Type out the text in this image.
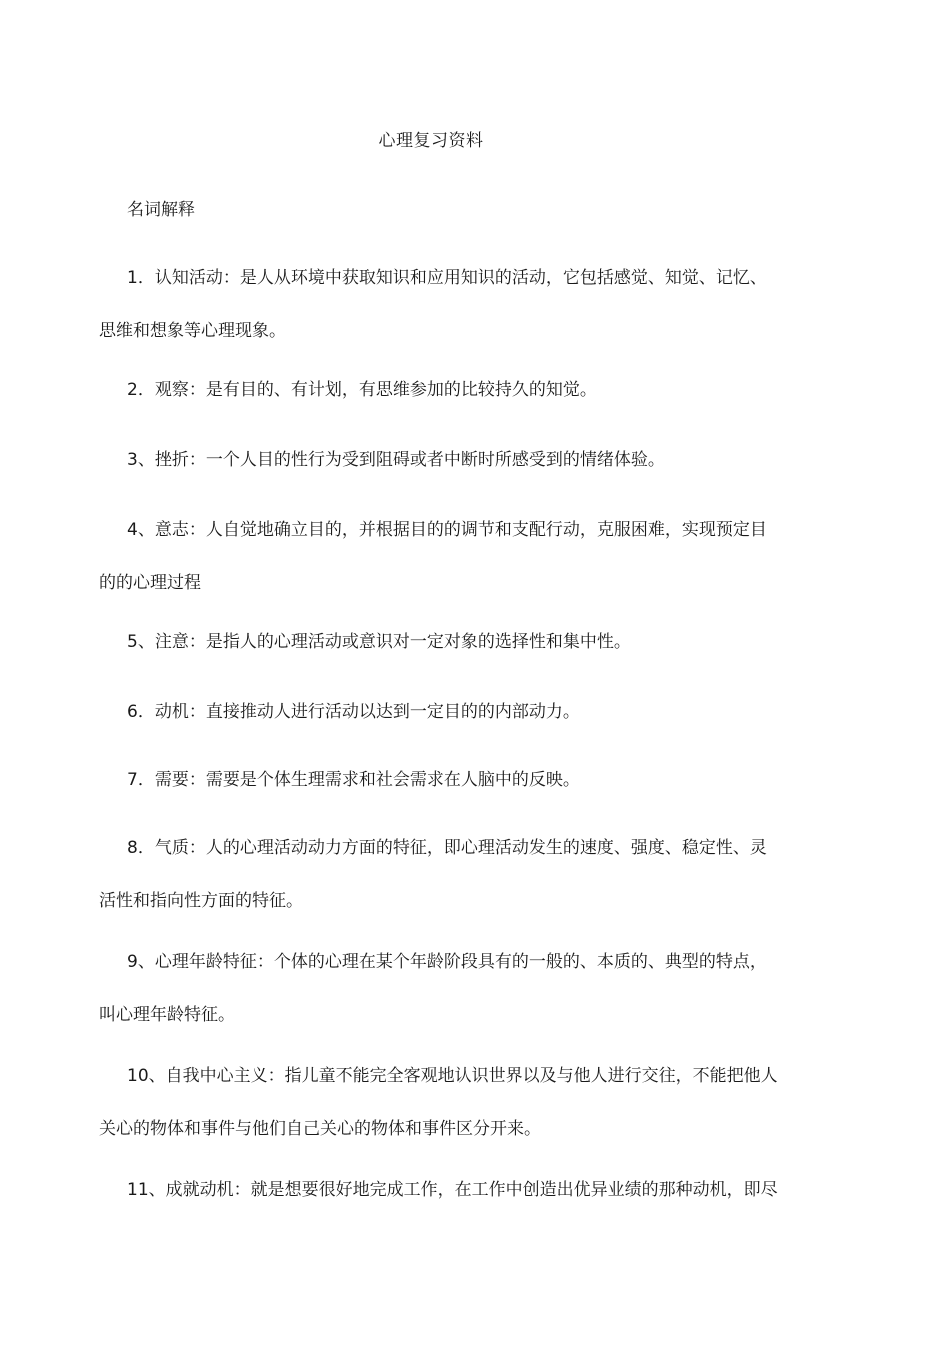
心理复习资料
名词解释
1．认知活动：是人从环境中获取知识和应用知识的活动，它包括感觉、知觉、记忆、
思维和想象等心理现象。
2．观察：是有目的、有计划，有思维参加的比较持久的知觉。
3、挫折：一个人目的性行为受到阻碍或者中断时所感受到的情绪体验。
4、意志：人自觉地确立目的，并根据目的的调节和支配行动，克服困难，实现预定目
的的心理过程
5、注意：是指人的心理活动或意识对一定对象的选择性和集中性。
6．动机：直接推动人进行活动以达到一定目的的内部动力。
7．需要：需要是个体生理需求和社会需求在人脑中的反映。
8．气质：人的心理活动动力方面的特征，即心理活动发生的速度、强度、稳定性、灵
活性和指向性方面的特征。
9、心理年龄特征：个体的心理在某个年龄阶段具有的一般的、本质的、典型的特点，
叫心理年龄特征。
10、自我中心主义：指儿童不能完全客观地认识世界以及与他人进行交往，不能把他人
关心的物体和事件与他们自己关心的物体和事件区分开来。
11、成就动机：就是想要很好地完成工作，在工作中创造出优异业绩的那种动机，即尽
